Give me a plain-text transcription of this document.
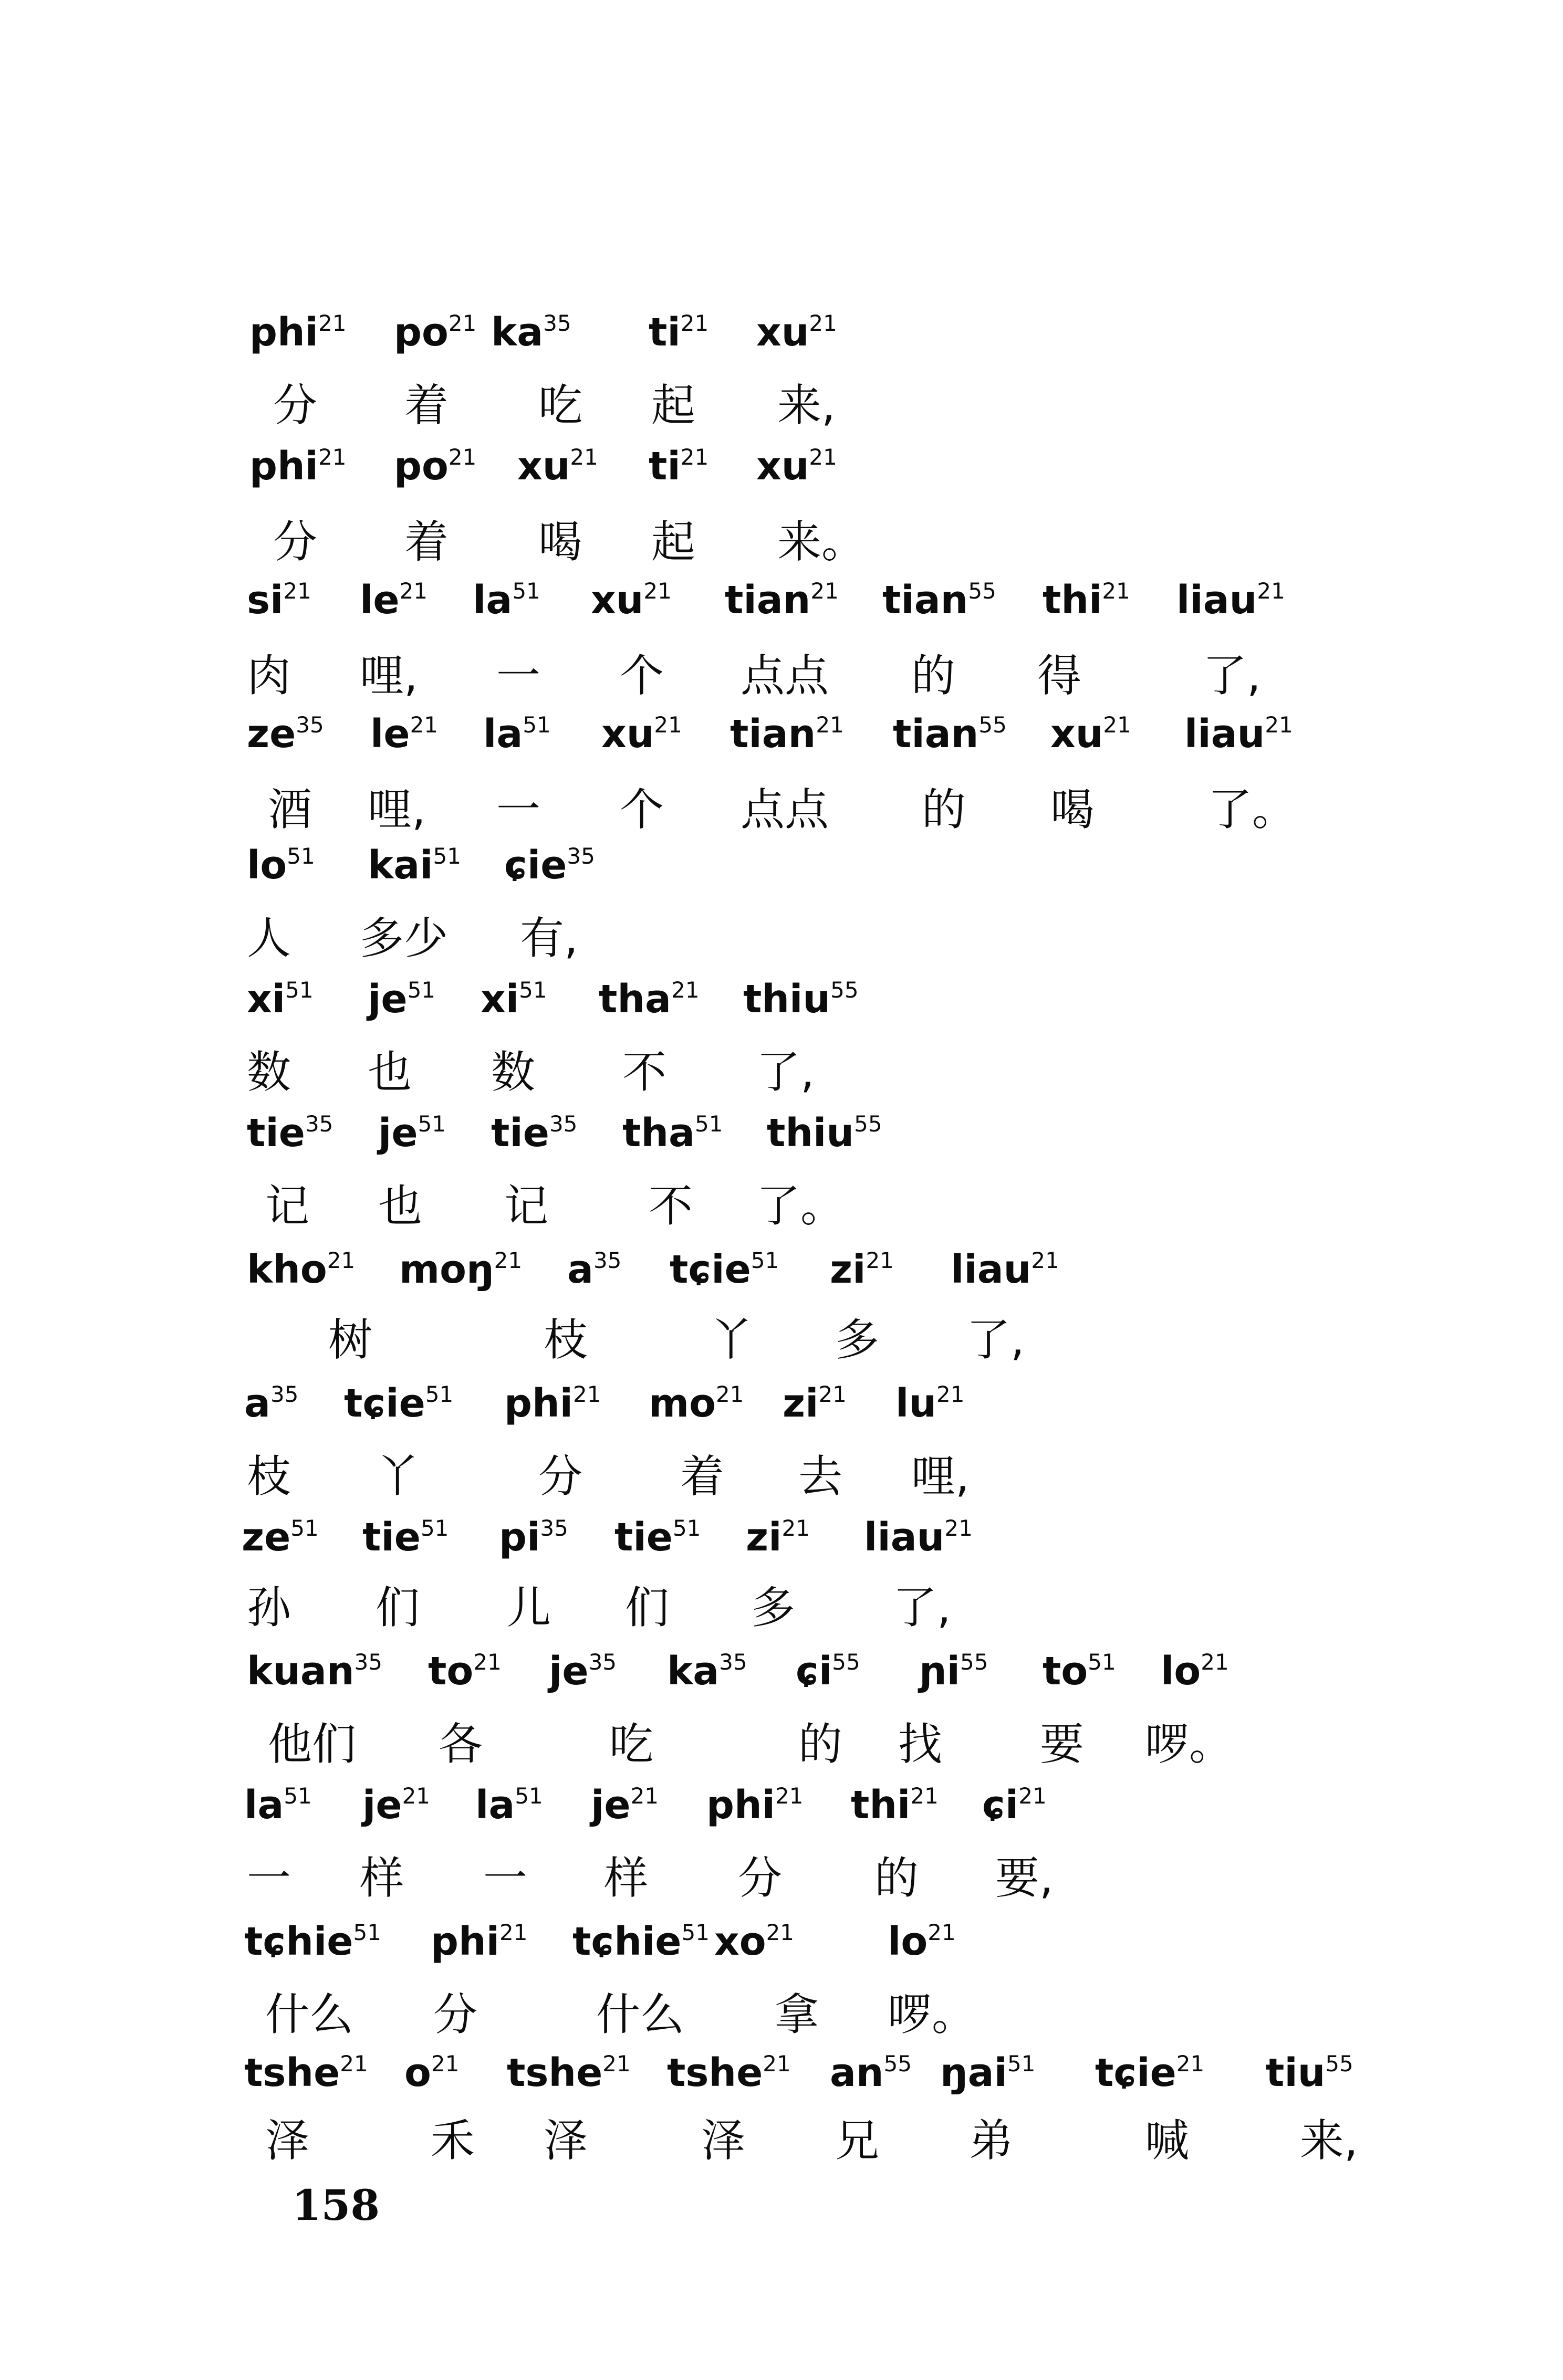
phi$^{21}$ $po^{21}$ $ka^{35}$ $ti^{21}$ $xu^{21}$
分 着 吃 起 来,
phi$^{21}$ $po^{21}$ $xu^{21}$ $ti^{21}$ $xu^{21}$
分 着 喝 起 来。
$si^{21}$ $le^{21}$ $la^{51}$ $xu^{21}$ tian$^{21}$ tian$^{55}$ thi$^{21}$ liau$^{21}$
肉 哩, 一 个 点点 的 得	了,
$ze^{35}$ $le^{21}$ $la^{51}$ $xu^{21}$ tian$^{21}$ tian$^{55}$ $xu^{21}$ liau$^{21}$
酒 哩, 一 个 点点 的 喝	了。
$lo^{51}$ kai$^{51}$ ɕie$^{35}$
人 多少 有,
$xi^{51}$ $je^{51}$ $xi^{51}$ tha$^{21}$ thiu$^{55}$
数 也 数 不 了,
tie$^{35}$ $je^{51}$ tie$^{35}$ tha$^{51}$ thiu$^{55}$
记 也 记 不 了。
kho$^{21}$ moŋ$^{21}$ $a^{35}$ tɕie$^{51}$ $zi^{21}$ liau$^{21}$
树	枝	丫 多 了,
$a^{35}$ tɕie$^{51}$ phi$^{21}$ $mo^{21}$ $zi^{21}$ $lu^{21}$
枝 丫	分 着 去 哩,
$ze^{51}$ tie$^{51}$ $pi^{35}$ tie$^{51}$ $zi^{21}$ liau$^{21}$
孙 们 儿 们 多 了,
kuan$^{35}$ $to^{21}$ $je^{35}$ $ka^{35}$ ɕi$^{55}$ ɲi$^{55}$ $to^{51}$ $lo^{21}$
他们 各	吃	的 找 要 啰。
$la^{51}$ $je^{21}$ $la^{51}$ $je^{21}$ phi$^{21}$ thi$^{21}$ ɕi$^{21}$
一 样 一 样 分 的 要,
tɕhie$^{51}$ phi$^{21}$ tɕhie$^{51}$ $xo^{21}$ $lo^{21}$
什么 分	什么 拿 啰。
tshe$^{21}$ $o^{21}$ tshe$^{21}$ tshe$^{21}$ $an^{55}$ ŋai$^{51}$ tɕie$^{21}$ tiu$^{55}$
泽	禾 泽	泽 兄 弟	喊	来,
158
